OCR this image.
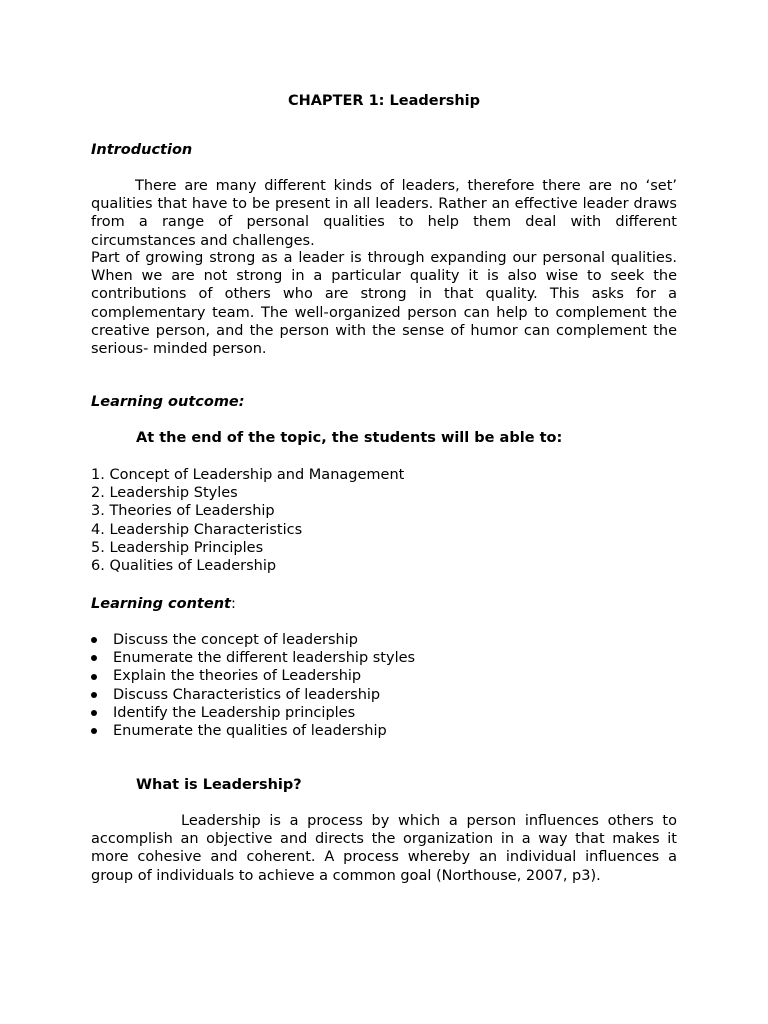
CHAPTER 1: Leadership
Introduction
There are many different kinds of leaders, therefore there are no ‘set’ qualities that have to be present in all leaders. Rather an effective leader draws from a range of personal qualities to help them deal with different circumstances and challenges.
Part of growing strong as a leader is through expanding our personal qualities. When we are not strong in a particular quality it is also wise to seek the contributions of others who are strong in that quality. This asks for a complementary team. The well-organized person can help to complement the creative person, and the person with the sense of humor can complement the serious- minded person.
Learning outcome:
At the end of the topic, the students will be able to:
1. Concept of Leadership and Management
2. Leadership Styles
3. Theories of Leadership
4. Leadership Characteristics
5. Leadership Principles
6. Qualities of Leadership
Learning content:
Discuss the concept of leadership
Enumerate the different leadership styles
Explain the theories of Leadership
Discuss Characteristics of leadership
Identify the Leadership principles
Enumerate the qualities of leadership
What is Leadership?
Leadership is a process by which a person influences others to accomplish an objective and directs the organization in a way that makes it more cohesive and coherent. A process whereby an individual influences a group of individuals to achieve a common goal (Northouse, 2007, p3).
